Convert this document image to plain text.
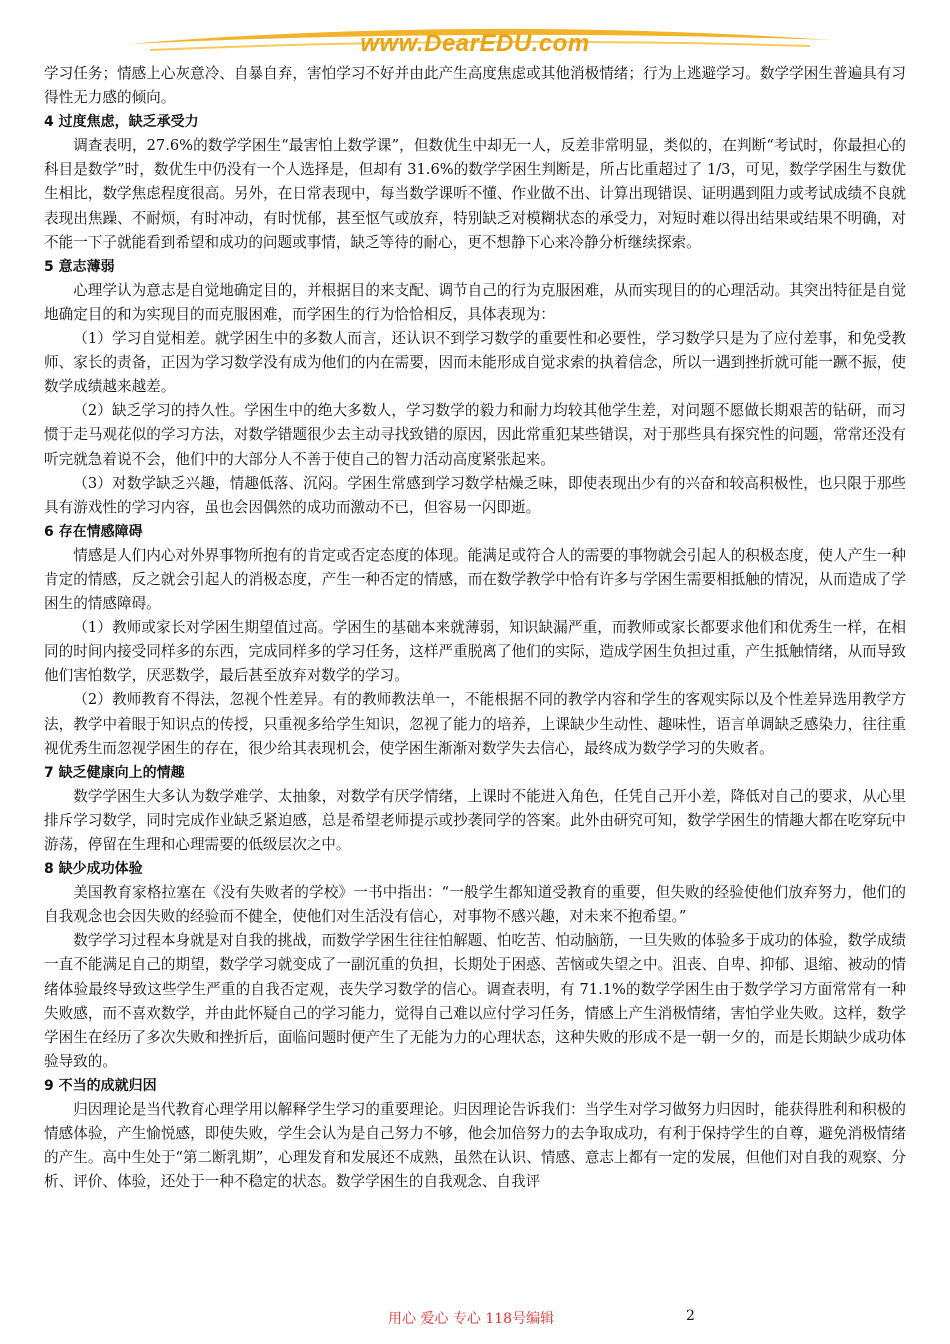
www.DearEDU.com

学习任务；情感上心灰意冷、自暴自弃，害怕学习不好并由此产生高度焦虑或其他消极情绪；行为上逃避学习。数学学困生普遍具有习得性无力感的倾向。

4 过度焦虑，缺乏承受力

调查表明，27.6%的数学学困生“最害怕上数学课”，但数优生中却无一人，反差非常明显，类似的，在判断“考试时，你最担心的科目是数学”时，数优生中仍没有一个人选择是，但却有 31.6%的数学学困生判断是，所占比重超过了 1/3，可见，数学学困生与数优生相比，数学焦虑程度很高。另外，在日常表现中，每当数学课听不懂、作业做不出、计算出现错误、证明遇到阻力或考试成绩不良就表现出焦躁、不耐烦，有时冲动，有时忧郁，甚至怄气或放弃，特别缺乏对模糊状态的承受力，对短时难以得出结果或结果不明确，对不能一下子就能看到希望和成功的问题或事情，缺乏等待的耐心，更不想静下心来冷静分析继续探索。

5 意志薄弱

心理学认为意志是自觉地确定目的，并根据目的来支配、调节自己的行为克服困难，从而实现目的的心理活动。其突出特征是自觉地确定目的和为实现目的而克服困难，而学困生的行为恰恰相反，具体表现为：

（1）学习自觉相差。就学困生中的多数人而言，还认识不到学习数学的重要性和必要性，学习数学只是为了应付差事，和免受教师、家长的责备，正因为学习数学没有成为他们的内在需要，因而未能形成自觉求索的执着信念，所以一遇到挫折就可能一蹶不振，使数学成绩越来越差。

（2）缺乏学习的持久性。学困生中的绝大多数人，学习数学的毅力和耐力均较其他学生差，对问题不愿做长期艰苦的钻研，而习惯于走马观花似的学习方法，对数学错题很少去主动寻找致错的原因，因此常重犯某些错误，对于那些具有探究性的问题，常常还没有听完就急着说不会，他们中的大部分人不善于使自己的智力活动高度紧张起来。

（3）对数学缺乏兴趣，情趣低落、沉闷。学困生常感到学习数学枯燥乏味，即使表现出少有的兴奋和较高积极性，也只限于那些具有游戏性的学习内容，虽也会因偶然的成功而激动不已，但容易一闪即逝。

6 存在情感障碍

情感是人们内心对外界事物所抱有的肯定或否定态度的体现。能满足或符合人的需要的事物就会引起人的积极态度，使人产生一种肯定的情感，反之就会引起人的消极态度，产生一种否定的情感，而在数学教学中恰有许多与学困生需要相抵触的情况，从而造成了学困生的情感障碍。

（1）教师或家长对学困生期望值过高。学困生的基础本来就薄弱，知识缺漏严重，而教师或家长都要求他们和优秀生一样，在相同的时间内接受同样多的东西，完成同样多的学习任务，这样严重脱离了他们的实际，造成学困生负担过重，产生抵触情绪，从而导致他们害怕数学，厌恶数学，最后甚至放弃对数学的学习。

（2）教师教育不得法，忽视个性差异。有的教师教法单一，不能根据不同的教学内容和学生的客观实际以及个性差异选用教学方法，教学中着眼于知识点的传授，只重视多给学生知识，忽视了能力的培养，上课缺少生动性、趣味性，语言单调缺乏感染力，往往重视优秀生而忽视学困生的存在，很少给其表现机会，使学困生渐渐对数学失去信心，最终成为数学学习的失败者。

7 缺乏健康向上的情趣

数学学困生大多认为数学难学、太抽象，对数学有厌学情绪，上课时不能进入角色，任凭自己开小差，降低对自己的要求，从心里排斥学习数学，同时完成作业缺乏紧迫感，总是希望老师提示或抄袭同学的答案。此外由研究可知，数学学困生的情趣大都在吃穿玩中游荡，停留在生理和心理需要的低级层次之中。

8 缺少成功体验

美国教育家格拉塞在《没有失败者的学校》一书中指出：“一般学生都知道受教育的重要，但失败的经验使他们放弃努力，他们的自我观念也会因失败的经验而不健全，使他们对生活没有信心，对事物不感兴趣，对未来不抱希望。”

数学学习过程本身就是对自我的挑战，而数学学困生往往怕解题、怕吃苦、怕动脑筋，一旦失败的体验多于成功的体验，数学成绩一直不能满足自己的期望，数学学习就变成了一副沉重的负担，长期处于困惑、苦恼或失望之中。沮丧、自卑、抑郁、退缩、被动的情绪体验最终导致这些学生严重的自我否定观，丧失学习数学的信心。调查表明，有 71.1%的数学学困生由于数学学习方面常常有一种失败感，而不喜欢数学，并由此怀疑自己的学习能力，觉得自己难以应付学习任务，情感上产生消极情绪，害怕学业失败。这样，数学学困生在经历了多次失败和挫折后，面临问题时便产生了无能为力的心理状态，这种失败的形成不是一朝一夕的，而是长期缺少成功体验导致的。

9 不当的成就归因

归因理论是当代教育心理学用以解释学生学习的重要理论。归因理论告诉我们：当学生对学习做努力归因时，能获得胜利和积极的情感体验，产生愉悦感，即使失败，学生会认为是自己努力不够，他会加倍努力的去争取成功，有利于保持学生的自尊，避免消极情绪的产生。高中生处于“第二断乳期”，心理发育和发展还不成熟，虽然在认识、情感、意志上都有一定的发展，但他们对自我的观察、分析、评价、体验，还处于一种不稳定的状态。数学学困生的自我观念、自我评

用心 爱心 专心 118号编辑	2
